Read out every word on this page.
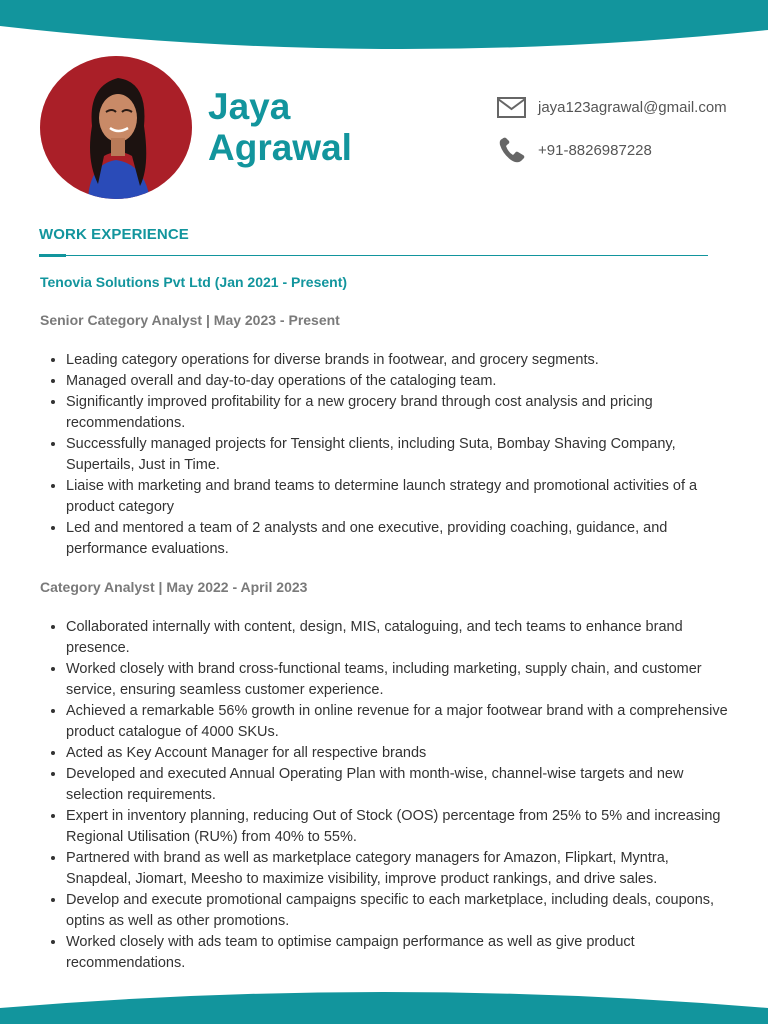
Jaya
Agrawal
jaya123agrawal@gmail.com
+91-8826987228
WORK EXPERIENCE
Tenovia Solutions Pvt Ltd (Jan 2021 - Present)
Senior Category Analyst | May 2023 - Present
• Leading category operations for diverse brands in footwear, and grocery segments.
• Managed overall and day-to-day operations of the cataloging team.
• Significantly improved profitability for a new grocery brand through cost analysis and pricing recommendations.
• Successfully managed projects for Tensight clients, including Suta, Bombay Shaving Company, Supertails, Just in Time.
• Liaise with marketing and brand teams to determine launch strategy and promotional activities of a product category
• Led and mentored a team of 2 analysts and one executive, providing coaching, guidance, and performance evaluations.
Category Analyst | May 2022 - April 2023
• Collaborated internally with content, design, MIS, cataloguing, and tech teams to enhance brand presence.
• Worked closely with brand cross-functional teams, including marketing, supply chain, and customer service, ensuring seamless customer experience.
• Achieved a remarkable 56% growth in online revenue for a major footwear brand with a comprehensive product catalogue of 4000 SKUs.
• Acted as Key Account Manager for all respective brands
• Developed and executed Annual Operating Plan with month-wise, channel-wise targets and new selection requirements.
• Expert in inventory planning, reducing Out of Stock (OOS) percentage from 25% to 5% and increasing Regional Utilisation (RU%) from 40% to 55%.
• Partnered with brand as well as marketplace category managers for Amazon, Flipkart, Myntra, Snapdeal, Jiomart, Meesho to maximize visibility, improve product rankings, and drive sales.
• Develop and execute promotional campaigns specific to each marketplace, including deals, coupons, optins as well as other promotions.
• Worked closely with ads team to optimise campaign performance as well as give product recommendations.
